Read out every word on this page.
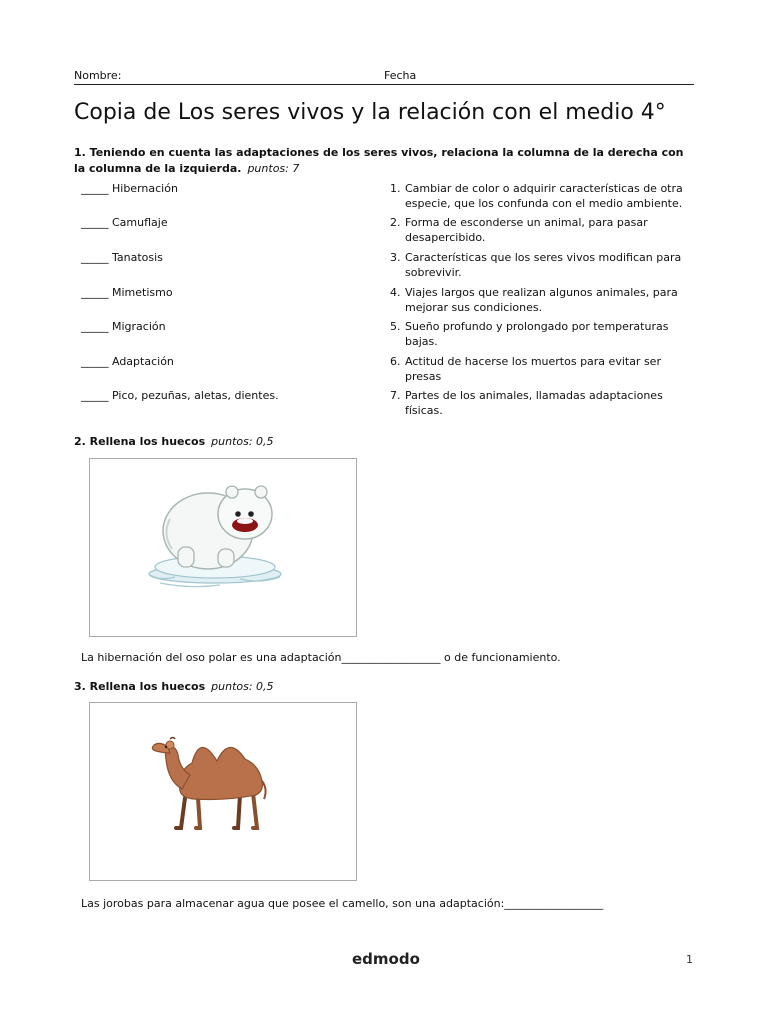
Nombre:	Fecha
Copia de Los seres vivos y la relación con el medio 4°
1. Teniendo en cuenta las adaptaciones de los seres vivos, relaciona la columna de la derecha con la columna de la izquierda. puntos: 7
_____ Hibernación
_____ Camuflaje
_____ Tanatosis
_____ Mimetismo
_____ Migración
_____ Adaptación
_____ Pico, pezuñas, aletas, dientes.
1. Cambiar de color o adquirir características de otra especie, que los confunda con el medio ambiente.
2. Forma de esconderse un animal, para pasar desapercibido.
3. Características que los seres vivos modifican para sobrevivir.
4. Viajes largos que realizan algunos animales, para mejorar sus condiciones.
5. Sueño profundo y prolongado por temperaturas bajas.
6. Actitud de hacerse los muertos para evitar ser presas
7. Partes de los animales, llamadas adaptaciones físicas.
2. Rellena los huecos puntos: 0,5
La hibernación del oso polar es una adaptación__________________ o de funcionamiento.
3. Rellena los huecos puntos: 0,5
Las jorobas para almacenar agua que posee el camello, son una adaptación:__________________
edmodo	1
